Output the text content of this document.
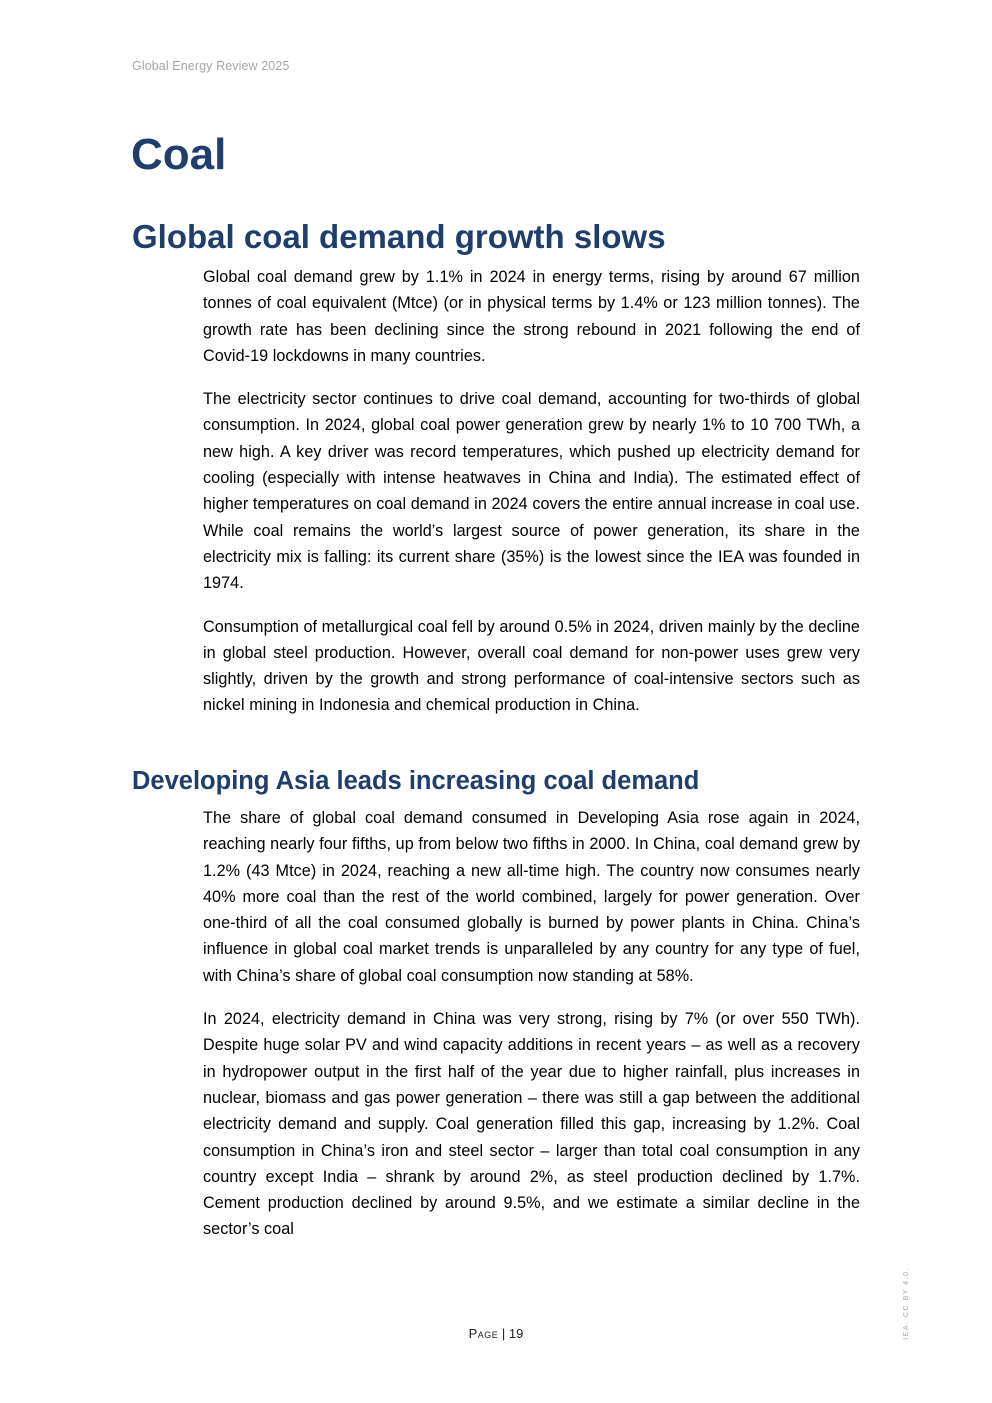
Global Energy Review 2025
Coal
Global coal demand growth slows

Global coal demand grew by 1.1% in 2024 in energy terms, rising by around 67 million tonnes of coal equivalent (Mtce) (or in physical terms by 1.4% or 123 million tonnes). The growth rate has been declining since the strong rebound in 2021 following the end of Covid-19 lockdowns in many countries.

The electricity sector continues to drive coal demand, accounting for two-thirds of global consumption. In 2024, global coal power generation grew by nearly 1% to 10 700 TWh, a new high. A key driver was record temperatures, which pushed up electricity demand for cooling (especially with intense heatwaves in China and India). The estimated effect of higher temperatures on coal demand in 2024 covers the entire annual increase in coal use. While coal remains the world’s largest source of power generation, its share in the electricity mix is falling: its current share (35%) is the lowest since the IEA was founded in 1974.

Consumption of metallurgical coal fell by around 0.5% in 2024, driven mainly by the decline in global steel production. However, overall coal demand for non-power uses grew very slightly, driven by the growth and strong performance of coal-intensive sectors such as nickel mining in Indonesia and chemical production in China.

Developing Asia leads increasing coal demand

The share of global coal demand consumed in Developing Asia rose again in 2024, reaching nearly four fifths, up from below two fifths in 2000. In China, coal demand grew by 1.2% (43 Mtce) in 2024, reaching a new all-time high. The country now consumes nearly 40% more coal than the rest of the world combined, largely for power generation. Over one-third of all the coal consumed globally is burned by power plants in China. China’s influence in global coal market trends is unparalleled by any country for any type of fuel, with China’s share of global coal consumption now standing at 58%.

In 2024, electricity demand in China was very strong, rising by 7% (or over 550 TWh). Despite huge solar PV and wind capacity additions in recent years – as well as a recovery in hydropower output in the first half of the year due to higher rainfall, plus increases in nuclear, biomass and gas power generation – there was still a gap between the additional electricity demand and supply. Coal generation filled this gap, increasing by 1.2%. Coal consumption in China’s iron and steel sector – larger than total coal consumption in any country except India – shrank by around 2%, as steel production declined by 1.7%. Cement production declined by around 9.5%, and we estimate a similar decline in the sector’s coal

Page | 19	IEA. CC BY 4.0.
